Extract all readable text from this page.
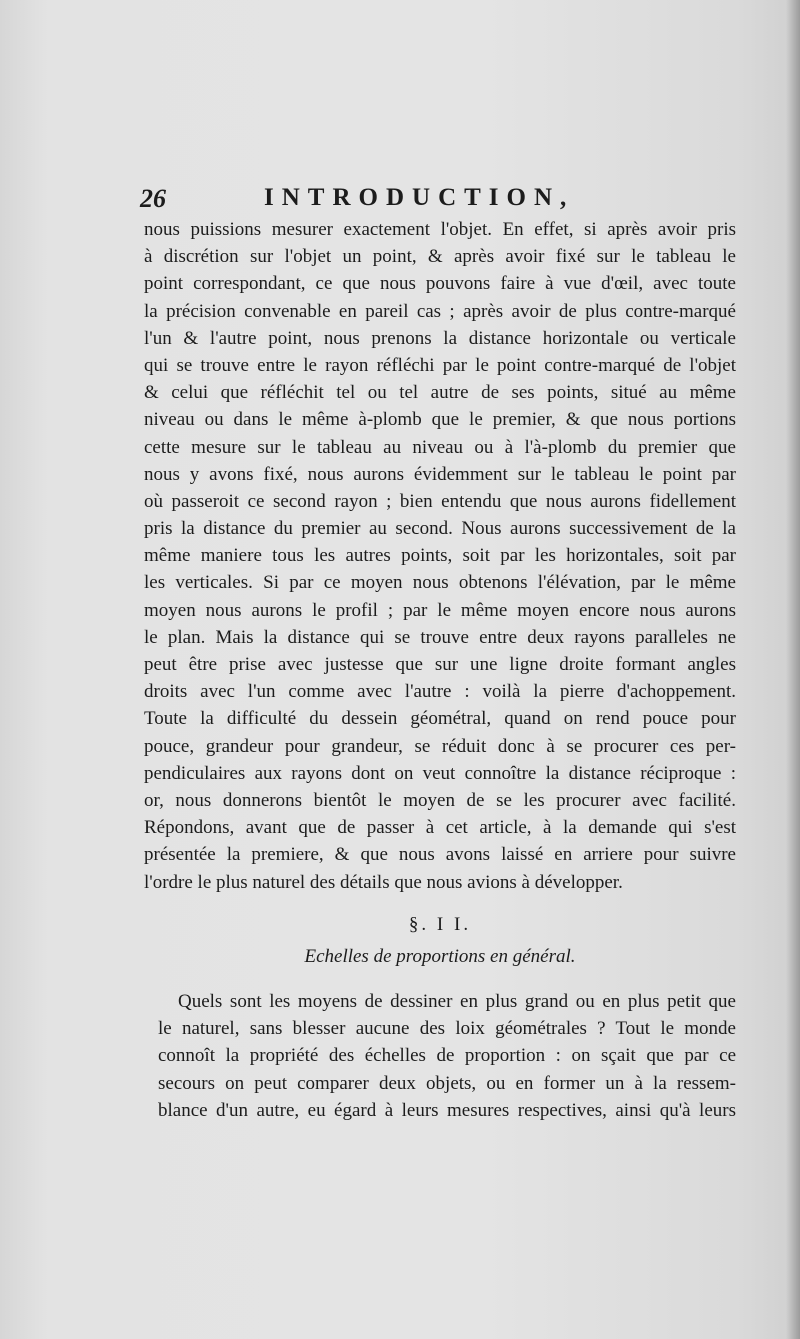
26	INTRODUCTION,
nous puissions mesurer exactement l'objet. En effet, si après avoir pris
à discrétion sur l'objet un point, & après avoir fixé sur le tableau le
point correspondant, ce que nous pouvons faire à vue d'œil, avec toute
la précision convenable en pareil cas ; après avoir de plus contre-marqué
l'un & l'autre point, nous prenons la distance horizontale ou verticale
qui se trouve entre le rayon réfléchi par le point contre-marqué de l'objet
& celui que réfléchit tel ou tel autre de ses points, situé au même
niveau ou dans le même à-plomb que le premier, & que nous portions
cette mesure sur le tableau au niveau ou à l'à-plomb du premier que
nous y avons fixé, nous aurons évidemment sur le tableau le point par
où passeroit ce second rayon ; bien entendu que nous aurons fidellement
pris la distance du premier au second. Nous aurons successivement de la
même maniere tous les autres points, soit par les horizontales, soit par
les verticales. Si par ce moyen nous obtenons l'élévation, par le même
moyen nous aurons le profil ; par le même moyen encore nous aurons
le plan. Mais la distance qui se trouve entre deux rayons paralleles ne
peut être prise avec justesse que sur une ligne droite formant angles
droits avec l'un comme avec l'autre : voilà la pierre d'achoppement.
Toute la difficulté du dessein géométral, quand on rend pouce pour
pouce, grandeur pour grandeur, se réduit donc à se procurer ces per-
pendiculaires aux rayons dont on veut connoître la distance réciproque :
or, nous donnerons bientôt le moyen de se les procurer avec facilité.
Répondons, avant que de passer à cet article, à la demande qui s'est
présentée la premiere, & que nous avons laissé en arriere pour suivre
l'ordre le plus naturel des détails que nous avions à développer.
§. I I.
Echelles de proportions en général.
Quels sont les moyens de dessiner en plus grand ou en plus petit que
le naturel, sans blesser aucune des loix géométrales ? Tout le monde
connoît la propriété des échelles de proportion : on sçait que par ce
secours on peut comparer deux objets, ou en former un à la ressem-
blance d'un autre, eu égard à leurs mesures respectives, ainsi qu'à leurs
